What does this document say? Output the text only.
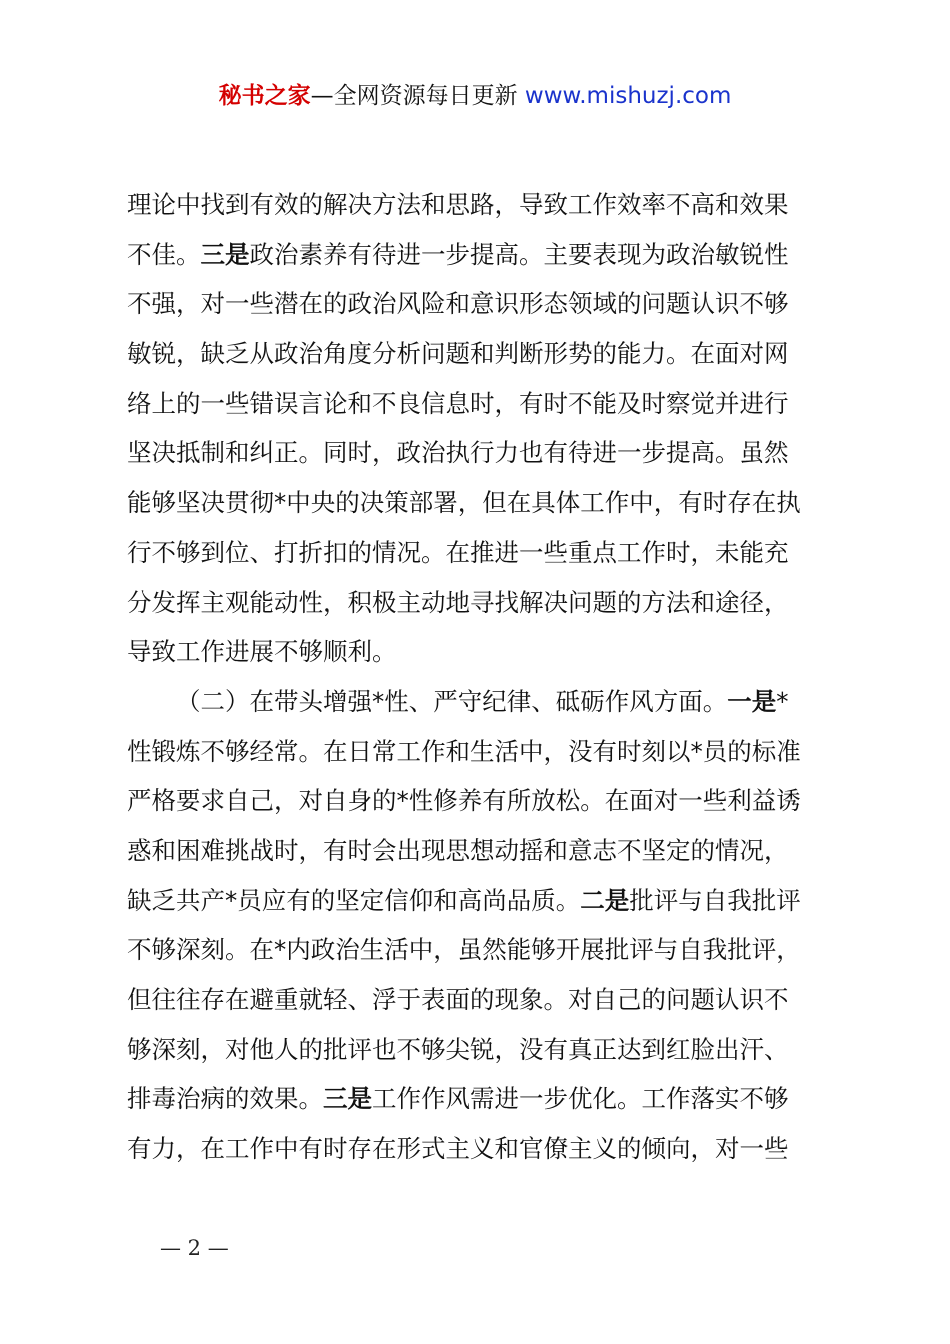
秘书之家—全网资源每日更新 www.mishuzj.com
理论中找到有效的解决方法和思路，导致工作效率不高和效果
不佳。三是政治素养有待进一步提高。主要表现为政治敏锐性
不强，对一些潜在的政治风险和意识形态领域的问题认识不够
敏锐，缺乏从政治角度分析问题和判断形势的能力。在面对网
络上的一些错误言论和不良信息时，有时不能及时察觉并进行
坚决抵制和纠正。同时，政治执行力也有待进一步提高。虽然
能够坚决贯彻*中央的决策部署，但在具体工作中，有时存在执
行不够到位、打折扣的情况。在推进一些重点工作时，未能充
分发挥主观能动性，积极主动地寻找解决问题的方法和途径，
导致工作进展不够顺利。
（二）在带头增强*性、严守纪律、砥砺作风方面。一是*
性锻炼不够经常。在日常工作和生活中，没有时刻以*员的标准
严格要求自己，对自身的*性修养有所放松。在面对一些利益诱
惑和困难挑战时，有时会出现思想动摇和意志不坚定的情况，
缺乏共产*员应有的坚定信仰和高尚品质。二是批评与自我批评
不够深刻。在*内政治生活中，虽然能够开展批评与自我批评，
但往往存在避重就轻、浮于表面的现象。对自己的问题认识不
够深刻，对他人的批评也不够尖锐，没有真正达到红脸出汗、
排毒治病的效果。三是工作作风需进一步优化。工作落实不够
有力，在工作中有时存在形式主义和官僚主义的倾向，对一些
— 2 —
